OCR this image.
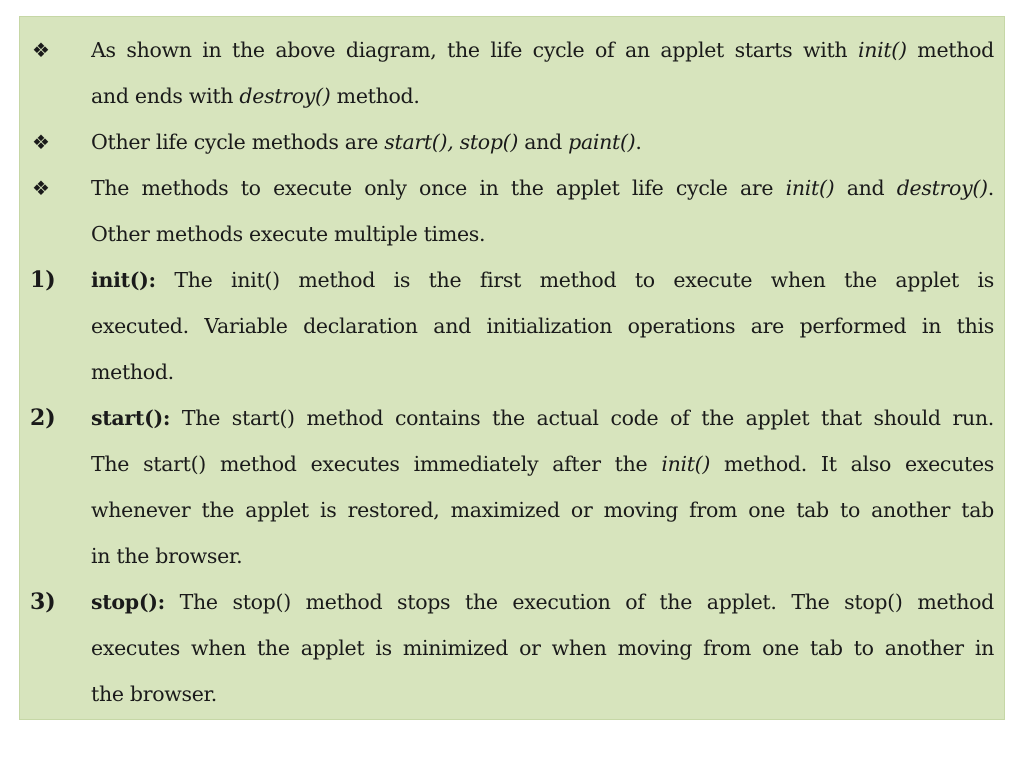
❖	As shown in the above diagram, the life cycle of an applet starts with init() method
and ends with destroy() method.
❖	Other life cycle methods are start(), stop() and paint().
❖	The methods to execute only once in the applet life cycle are init() and destroy().
Other methods execute multiple times.
1)	init(): The init() method is the first method to execute when the applet is
executed. Variable declaration and initialization operations are performed in this
method.
2)	start(): The start() method contains the actual code of the applet that should run.
The start() method executes immediately after the init() method. It also executes
whenever the applet is restored, maximized or moving from one tab to another tab
in the browser.
3)	stop(): The stop() method stops the execution of the applet. The stop() method
executes when the applet is minimized or when moving from one tab to another in
the browser.
